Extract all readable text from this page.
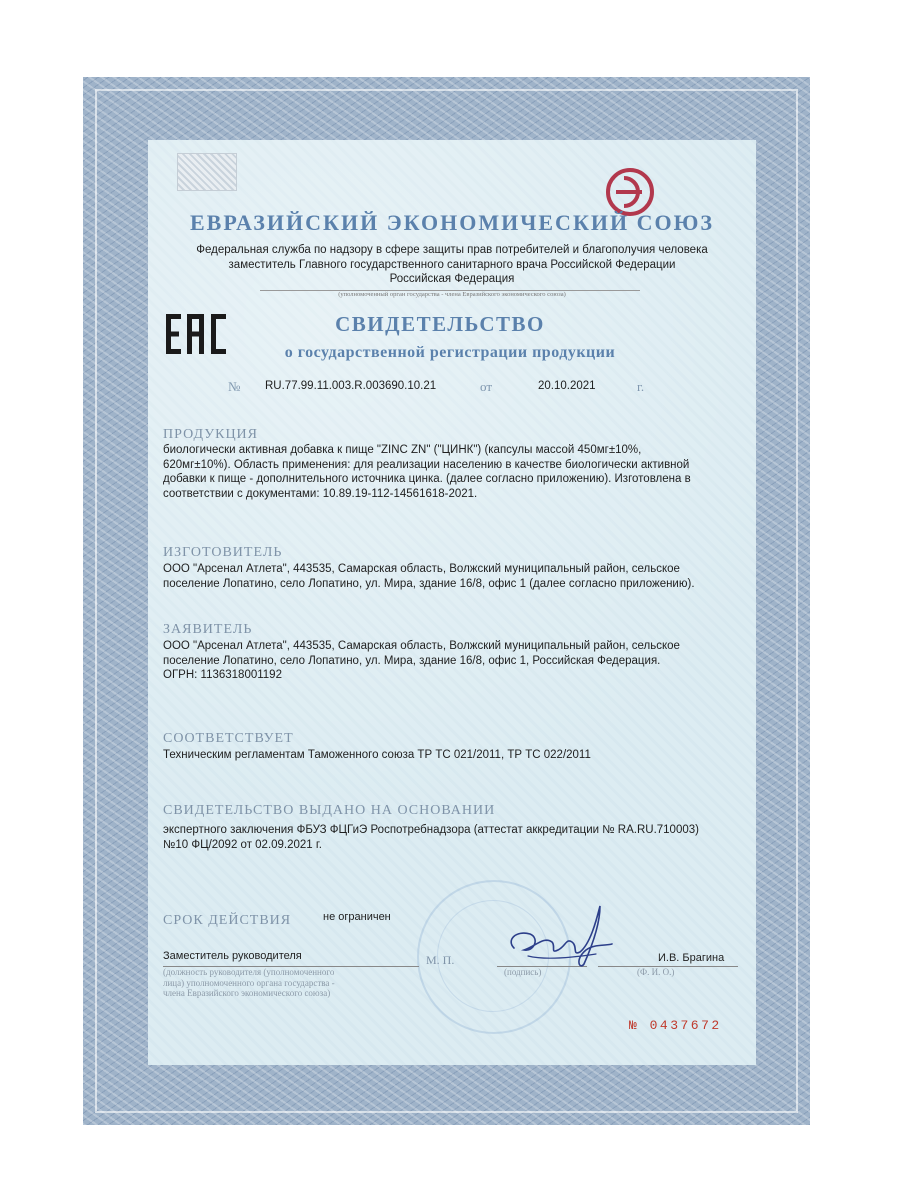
ЕВРАЗИЙСКИЙ ЭКОНОМИЧЕСКИЙ СОЮЗ
Федеральная служба по надзору в сфере защиты прав потребителей и благополучия человека
заместитель Главного государственного санитарного врача Российской Федерации
Российская Федерация
(уполномоченный орган государства - члена Евразийского экономического союза)
СВИДЕТЕЛЬСТВО
о государственной регистрации продукции
№ RU.77.99.11.003.R.003690.10.21	от	20.10.2021	г.
ПРОДУКЦИЯ
биологически активная добавка к пище "ZINC ZN" ("ЦИНК") (капсулы массой 450мг±10%,
620мг±10%). Область применения: для реализации населению в качестве биологически активной
добавки к пище - дополнительного источника цинка. (далее согласно приложению). Изготовлена в
соответствии с документами: 10.89.19-112-14561618-2021.
ИЗГОТОВИТЕЛЬ
ООО "Арсенал Атлета", 443535, Самарская область, Волжский муниципальный район, сельское
поселение Лопатино, село Лопатино, ул. Мира, здание 16/8, офис 1 (далее согласно приложению).
ЗАЯВИТЕЛЬ
ООО "Арсенал Атлета", 443535, Самарская область, Волжский муниципальный район, сельское
поселение Лопатино, село Лопатино, ул. Мира, здание 16/8, офис 1, Российская Федерация.
ОГРН: 1136318001192
СООТВЕТСТВУЕТ
Техническим регламентам Таможенного союза ТР ТС 021/2011, ТР ТС 022/2011
СВИДЕТЕЛЬСТВО ВЫДАНО НА ОСНОВАНИИ
экспертного заключения ФБУЗ ФЦГиЭ Роспотребнадзора (аттестат аккредитации № RA.RU.710003)
№10 ФЦ/2092 от 02.09.2021 г.
СРОК ДЕЙСТВИЯ	не ограничен
Заместитель руководителя	М. П.	И.В. Брагина
(должность руководителя (уполномоченного
лица) уполномоченного органа государства -
члена Евразийского экономического союза)
(подпись)	(Ф. И. О.)
№ 0437672
